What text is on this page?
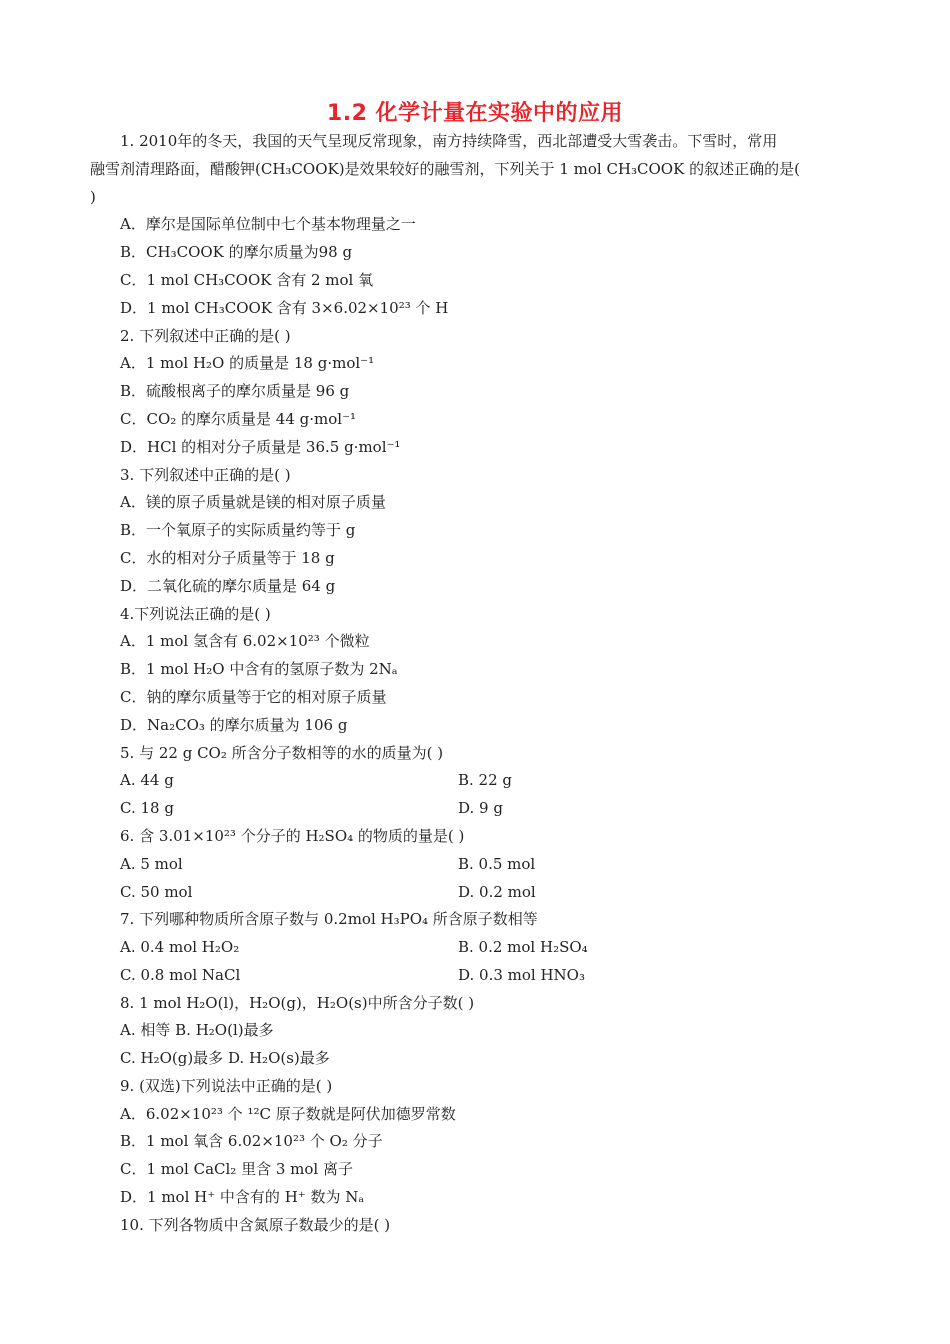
1.2 化学计量在实验中的应用
1. 2010年的冬天，我国的天气呈现反常现象，南方持续降雪，西北部遭受大雪袭击。下雪时，常用
融雪剂清理路面，醋酸钾(CH₃COOK)是效果较好的融雪剂，下列关于 1 mol CH₃COOK 的叙述正确的是(
)
A．摩尔是国际单位制中七个基本物理量之一
B．CH₃COOK 的摩尔质量为98 g
C．1 mol CH₃COOK 含有 2 mol 氧
D．1 mol CH₃COOK 含有 3×6.02×10²³ 个 H
2. 下列叙述中正确的是( )
A．1 mol H₂O 的质量是 18 g·mol⁻¹
B．硫酸根离子的摩尔质量是 96 g
C．CO₂ 的摩尔质量是 44 g·mol⁻¹
D．HCl 的相对分子质量是 36.5 g·mol⁻¹
3. 下列叙述中正确的是( )
A．镁的原子质量就是镁的相对原子质量
B．一个氧原子的实际质量约等于 g
C．水的相对分子质量等于 18 g
D．二氧化硫的摩尔质量是 64 g
4.下列说法正确的是( )
A．1 mol 氢含有 6.02×10²³ 个微粒
B．1 mol H₂O 中含有的氢原子数为 2Nₐ
C．钠的摩尔质量等于它的相对原子质量
D．Na₂CO₃ 的摩尔质量为 106 g
5. 与 22 g CO₂ 所含分子数相等的水的质量为( )
A. 44 g	B. 22 g
C. 18 g	D. 9 g
6. 含 3.01×10²³ 个分子的 H₂SO₄ 的物质的量是( )
A. 5 mol	B. 0.5 mol
C. 50 mol	D. 0.2 mol
7. 下列哪种物质所含原子数与 0.2mol H₃PO₄ 所含原子数相等
A. 0.4 mol H₂O₂	B. 0.2 mol H₂SO₄
C. 0.8 mol NaCl	D. 0.3 mol HNO₃
8. 1 mol H₂O(l)，H₂O(g)，H₂O(s)中所含分子数( )
A. 相等 B. H₂O(l)最多
C. H₂O(g)最多 D. H₂O(s)最多
9. (双选)下列说法中正确的是( )
A．6.02×10²³ 个 ¹²C 原子数就是阿伏加德罗常数
B．1 mol 氧含 6.02×10²³ 个 O₂ 分子
C．1 mol CaCl₂ 里含 3 mol 离子
D．1 mol H⁺ 中含有的 H⁺ 数为 Nₐ
10. 下列各物质中含氮原子数最少的是( )
